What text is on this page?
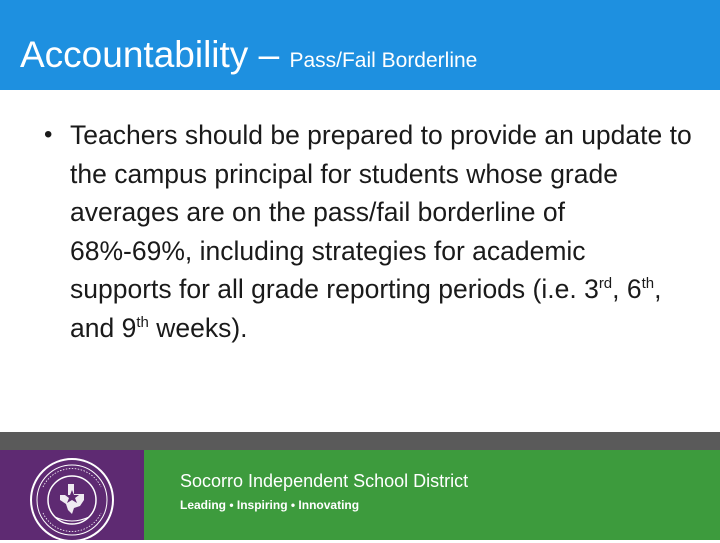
Accountability – Pass/Fail Borderline
• Teachers should be prepared to provide an update to the campus principal for students whose grade averages are on the pass/fail borderline of 68%-69%, including strategies for academic supports for all grade reporting periods (i.e. 3rd, 6th, and 9th weeks).
Socorro Independent School District
Leading • Inspiring • Innovating
